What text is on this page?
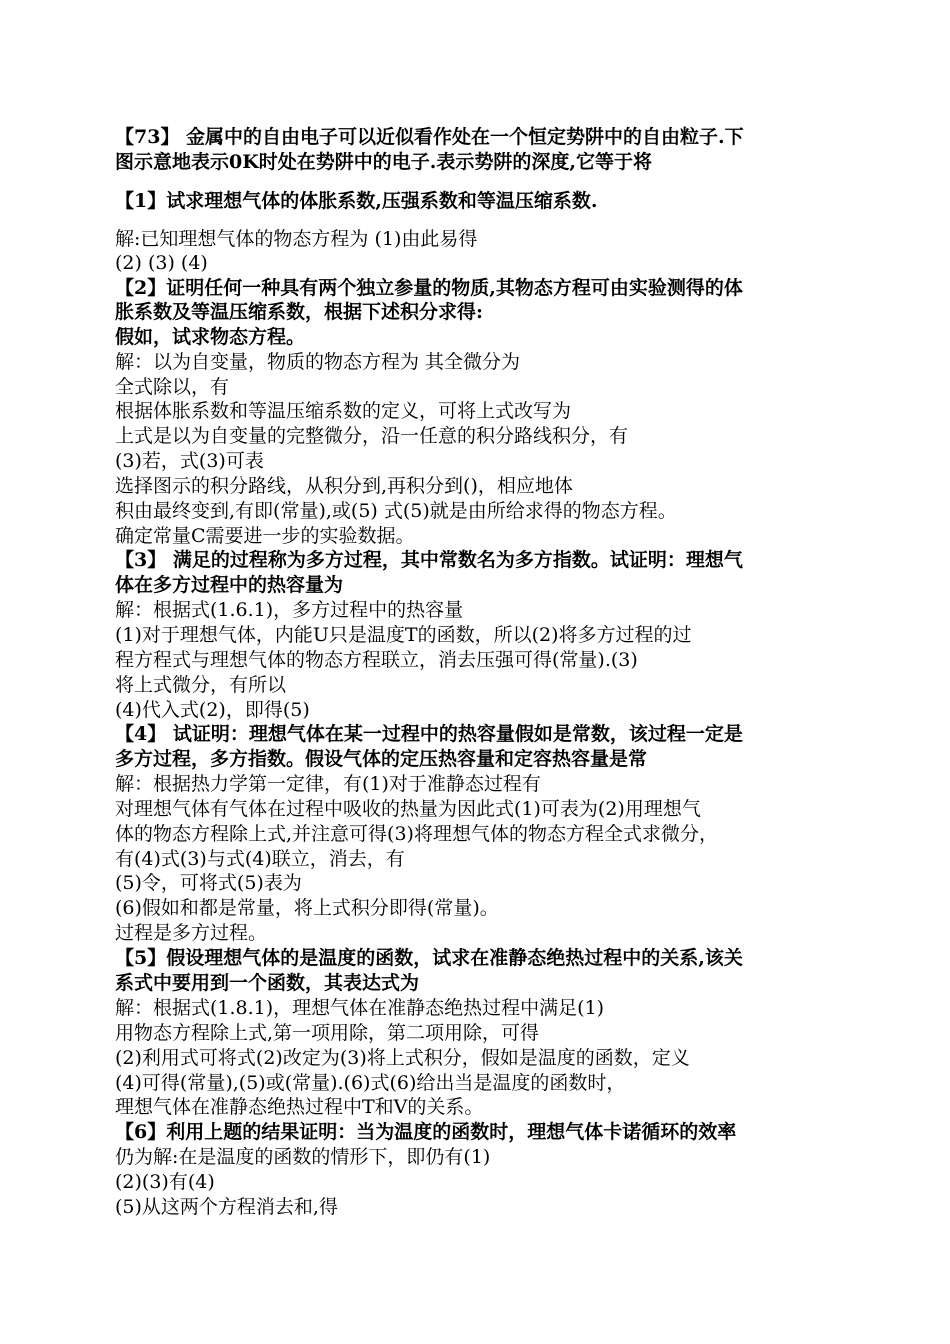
【73】 金属中的自由电子可以近似看作处在一个恒定势阱中的自由粒子.下
图示意地表示0K时处在势阱中的电子.表示势阱的深度,它等于将
【1】试求理想气体的体胀系数,压强系数和等温压缩系数.
解:已知理想气体的物态方程为 (1)由此易得
(2) (3) (4)
【2】证明任何一种具有两个独立参量的物质,其物态方程可由实验测得的体
胀系数及等温压缩系数，根据下述积分求得:
假如，试求物态方程。
解：以为自变量，物质的物态方程为 其全微分为
全式除以，有
根据体胀系数和等温压缩系数的定义，可将上式改写为
上式是以为自变量的完整微分，沿一任意的积分路线积分，有
(3)若，式(3)可表
选择图示的积分路线，从积分到,再积分到()，相应地体
积由最终变到,有即(常量),或(5) 式(5)就是由所给求得的物态方程。
确定常量C需要进一步的实验数据。
【3】 满足的过程称为多方过程，其中常数名为多方指数。试证明：理想气
体在多方过程中的热容量为
解：根据式(1.6.1)，多方过程中的热容量
(1)对于理想气体，内能U只是温度T的函数，所以(2)将多方过程的过
程方程式与理想气体的物态方程联立，消去压强可得(常量).(3)
将上式微分，有所以
(4)代入式(2)，即得(5)
【4】 试证明：理想气体在某一过程中的热容量假如是常数，该过程一定是
多方过程，多方指数。假设气体的定压热容量和定容热容量是常
解：根据热力学第一定律，有(1)对于准静态过程有
对理想气体有气体在过程中吸收的热量为因此式(1)可表为(2)用理想气
体的物态方程除上式,并注意可得(3)将理想气体的物态方程全式求微分，
有(4)式(3)与式(4)联立，消去，有
(5)令，可将式(5)表为
(6)假如和都是常量，将上式积分即得(常量)。
过程是多方过程。
【5】假设理想气体的是温度的函数，试求在准静态绝热过程中的关系,该关
系式中要用到一个函数，其表达式为
解：根据式(1.8.1)，理想气体在准静态绝热过程中满足(1)
用物态方程除上式,第一项用除，第二项用除，可得
(2)利用式可将式(2)改定为(3)将上式积分，假如是温度的函数，定义
(4)可得(常量),(5)或(常量).(6)式(6)给出当是温度的函数时，
理想气体在准静态绝热过程中T和V的关系。
【6】利用上题的结果证明：当为温度的函数时，理想气体卡诺循环的效率
仍为解:在是温度的函数的情形下，即仍有(1)
(2)(3)有(4)
(5)从这两个方程消去和,得
